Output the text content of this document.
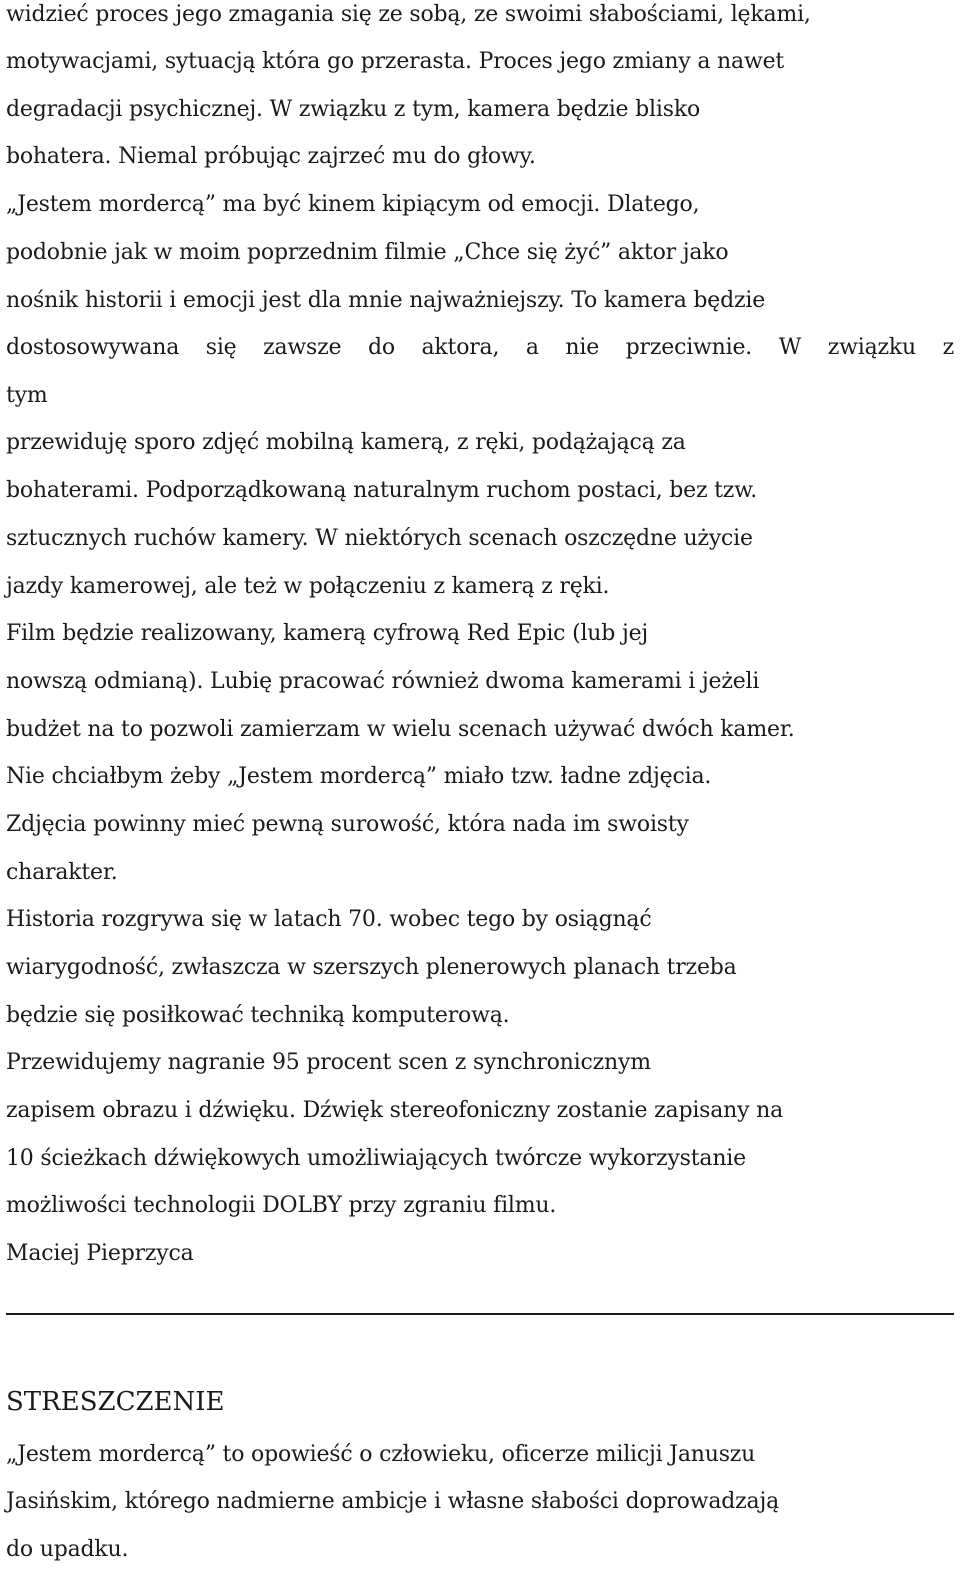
widzieć proces jego zmagania się ze sobą, ze swoimi słabościami, lękami,
motywacjami, sytuacją która go przerasta. Proces jego zmiany a nawet
degradacji psychicznej. W związku z tym, kamera będzie blisko
bohatera. Niemal próbując zajrzeć mu do głowy.
„Jestem mordercą” ma być kinem kipiącym od emocji. Dlatego,
podobnie jak w moim poprzednim filmie „Chce się żyć” aktor jako
nośnik historii i emocji jest dla mnie najważniejszy. To kamera będzie
dostosowywana się zawsze do aktora, a nie przeciwnie. W związku z
tym
przewiduję sporo zdjęć mobilną kamerą, z ręki, podążającą za
bohaterami. Podporządkowaną naturalnym ruchom postaci, bez tzw.
sztucznych ruchów kamery. W niektórych scenach oszczędne użycie
jazdy kamerowej, ale też w połączeniu z kamerą z ręki.
Film będzie realizowany, kamerą cyfrową Red Epic (lub jej
nowszą odmianą). Lubię pracować również dwoma kamerami i jeżeli
budżet na to pozwoli zamierzam w wielu scenach używać dwóch kamer.
Nie chciałbym żeby „Jestem mordercą” miało tzw. ładne zdjęcia.
Zdjęcia powinny mieć pewną surowość, która nada im swoisty
charakter.
Historia rozgrywa się w latach 70. wobec tego by osiągnąć
wiarygodność, zwłaszcza w szerszych plenerowych planach trzeba
będzie się posiłkować techniką komputerową.
Przewidujemy nagranie 95 procent scen z synchronicznym
zapisem obrazu i dźwięku. Dźwięk stereofoniczny zostanie zapisany na
10 ścieżkach dźwiękowych umożliwiających twórcze wykorzystanie
możliwości technologii DOLBY przy zgraniu filmu.
Maciej Pieprzyca
STRESZCZENIE
„Jestem mordercą” to opowieść o człowieku, oficerze milicji Januszu
Jasińskim, którego nadmierne ambicje i własne słabości doprowadzają
do upadku.
